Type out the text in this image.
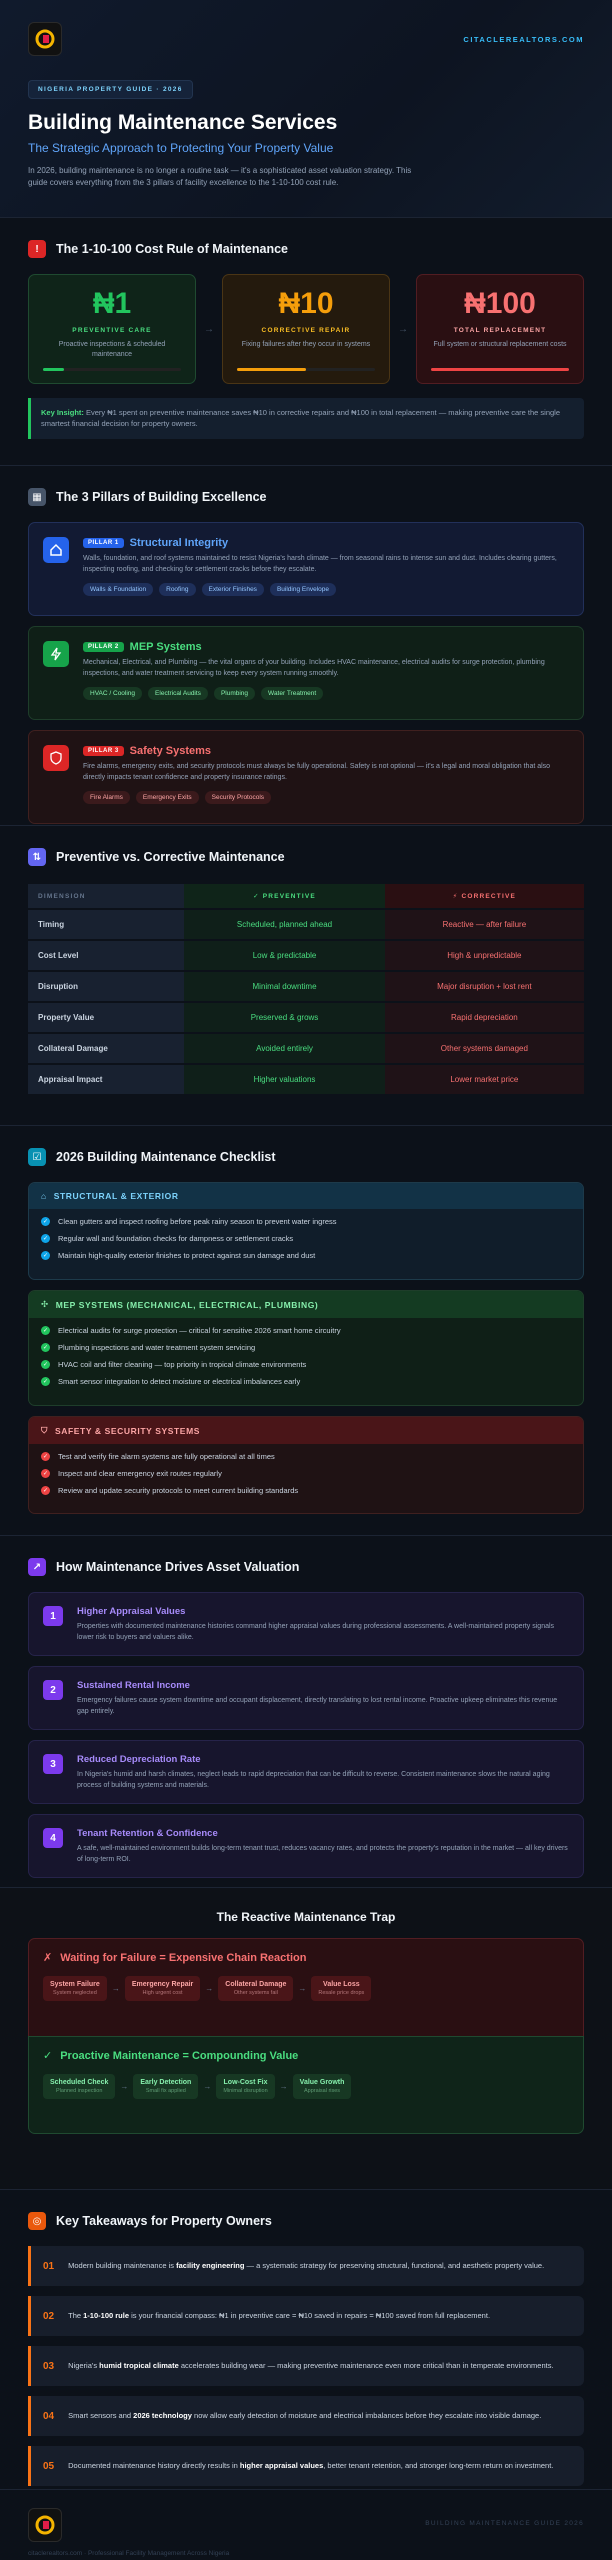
CITACLEREALTORS.COM
NIGERIA PROPERTY GUIDE · 2026
Building Maintenance Services
The Strategic Approach to Protecting Your Property Value
In 2026, building maintenance is no longer a routine task — it's a sophisticated asset valuation strategy. This guide covers everything from the 3 pillars of facility excellence to the 1-10-100 cost rule.
!	The 1-10-100 Cost Rule of Maintenance
₦1
PREVENTIVE CARE
Proactive inspections & scheduled maintenance
→
₦10
CORRECTIVE REPAIR
Fixing failures after they occur in systems
→
₦100
TOTAL REPLACEMENT
Full system or structural replacement costs
Key Insight: Every ₦1 spent on preventive maintenance saves ₦10 in corrective repairs and ₦100 in total replacement — making preventive care the single smartest financial decision for property owners.
▦	The 3 Pillars of Building Excellence
PILLAR 1	Structural Integrity
Walls, foundation, and roof systems maintained to resist Nigeria's harsh climate — from seasonal rains to intense sun and dust. Includes clearing gutters, inspecting roofing, and checking for settlement cracks before they escalate.
Walls & Foundation	Roofing	Exterior Finishes	Building Envelope
PILLAR 2	MEP Systems
Mechanical, Electrical, and Plumbing — the vital organs of your building. Includes HVAC maintenance, electrical audits for surge protection, plumbing inspections, and water treatment servicing to keep every system running smoothly.
HVAC / Cooling	Electrical Audits	Plumbing	Water Treatment
PILLAR 3	Safety Systems
Fire alarms, emergency exits, and security protocols must always be fully operational. Safety is not optional — it's a legal and moral obligation that also directly impacts tenant confidence and property insurance ratings.
Fire Alarms	Emergency Exits	Security Protocols
⇅	Preventive vs. Corrective Maintenance
DIMENSION	✓ PREVENTIVE	⚡ CORRECTIVE
Timing	Scheduled, planned ahead	Reactive — after failure
Cost Level	Low & predictable	High & unpredictable
Disruption	Minimal downtime	Major disruption + lost rent
Property Value	Preserved & grows	Rapid depreciation
Collateral Damage	Avoided entirely	Other systems damaged
Appraisal Impact	Higher valuations	Lower market price
☑	2026 Building Maintenance Checklist
⌂ STRUCTURAL & EXTERIOR
✓ Clean gutters and inspect roofing before peak rainy season to prevent water ingress
✓ Regular wall and foundation checks for dampness or settlement cracks
✓ Maintain high-quality exterior finishes to protect against sun damage and dust
✣ MEP SYSTEMS (MECHANICAL, ELECTRICAL, PLUMBING)
✓ Electrical audits for surge protection — critical for sensitive 2026 smart home circuitry
✓ Plumbing inspections and water treatment system servicing
✓ HVAC coil and filter cleaning — top priority in tropical climate environments
✓ Smart sensor integration to detect moisture or electrical imbalances early
⛉ SAFETY & SECURITY SYSTEMS
✓ Test and verify fire alarm systems are fully operational at all times
✓ Inspect and clear emergency exit routes regularly
✓ Review and update security protocols to meet current building standards
↗	How Maintenance Drives Asset Valuation
1	Higher Appraisal Values
Properties with documented maintenance histories command higher appraisal values during professional assessments. A well-maintained property signals lower risk to buyers and valuers alike.
2	Sustained Rental Income
Emergency failures cause system downtime and occupant displacement, directly translating to lost rental income. Proactive upkeep eliminates this revenue gap entirely.
3	Reduced Depreciation Rate
In Nigeria's humid and harsh climates, neglect leads to rapid depreciation that can be difficult to reverse. Consistent maintenance slows the natural aging process of building systems and materials.
4	Tenant Retention & Confidence
A safe, well-maintained environment builds long-term tenant trust, reduces vacancy rates, and protects the property's reputation in the market — all key drivers of long-term ROI.
The Reactive Maintenance Trap
✗ Waiting for Failure = Expensive Chain Reaction
System Failure
System neglected	→ Emergency Repair
High urgent cost	→ Collateral Damage
Other systems fail	→	Value Loss
Resale price drops
✓ Proactive Maintenance = Compounding Value
Scheduled Check
Planned inspection	→ Early Detection
Small fix applied	→ Low-Cost Fix
Minimal disruption → Value Growth
Appraisal rises
◎	Key Takeaways for Property Owners
01 Modern building maintenance is facility engineering — a systematic strategy for preserving structural, functional, and aesthetic property value.
02 The 1-10-100 rule is your financial compass: ₦1 in preventive care = ₦10 saved in repairs = ₦100 saved from full replacement.
03 Nigeria's humid tropical climate accelerates building wear — making preventive maintenance even more critical than in temperate environments.
04 Smart sensors and 2026 technology now allow early detection of moisture and electrical imbalances before they escalate into visible damage.
05 Documented maintenance history directly results in higher appraisal values, better tenant retention, and stronger long-term return on investment.
citaclerealtors.com · Professional Facility Management Across Nigeria
BUILDING MAINTENANCE GUIDE 2026
